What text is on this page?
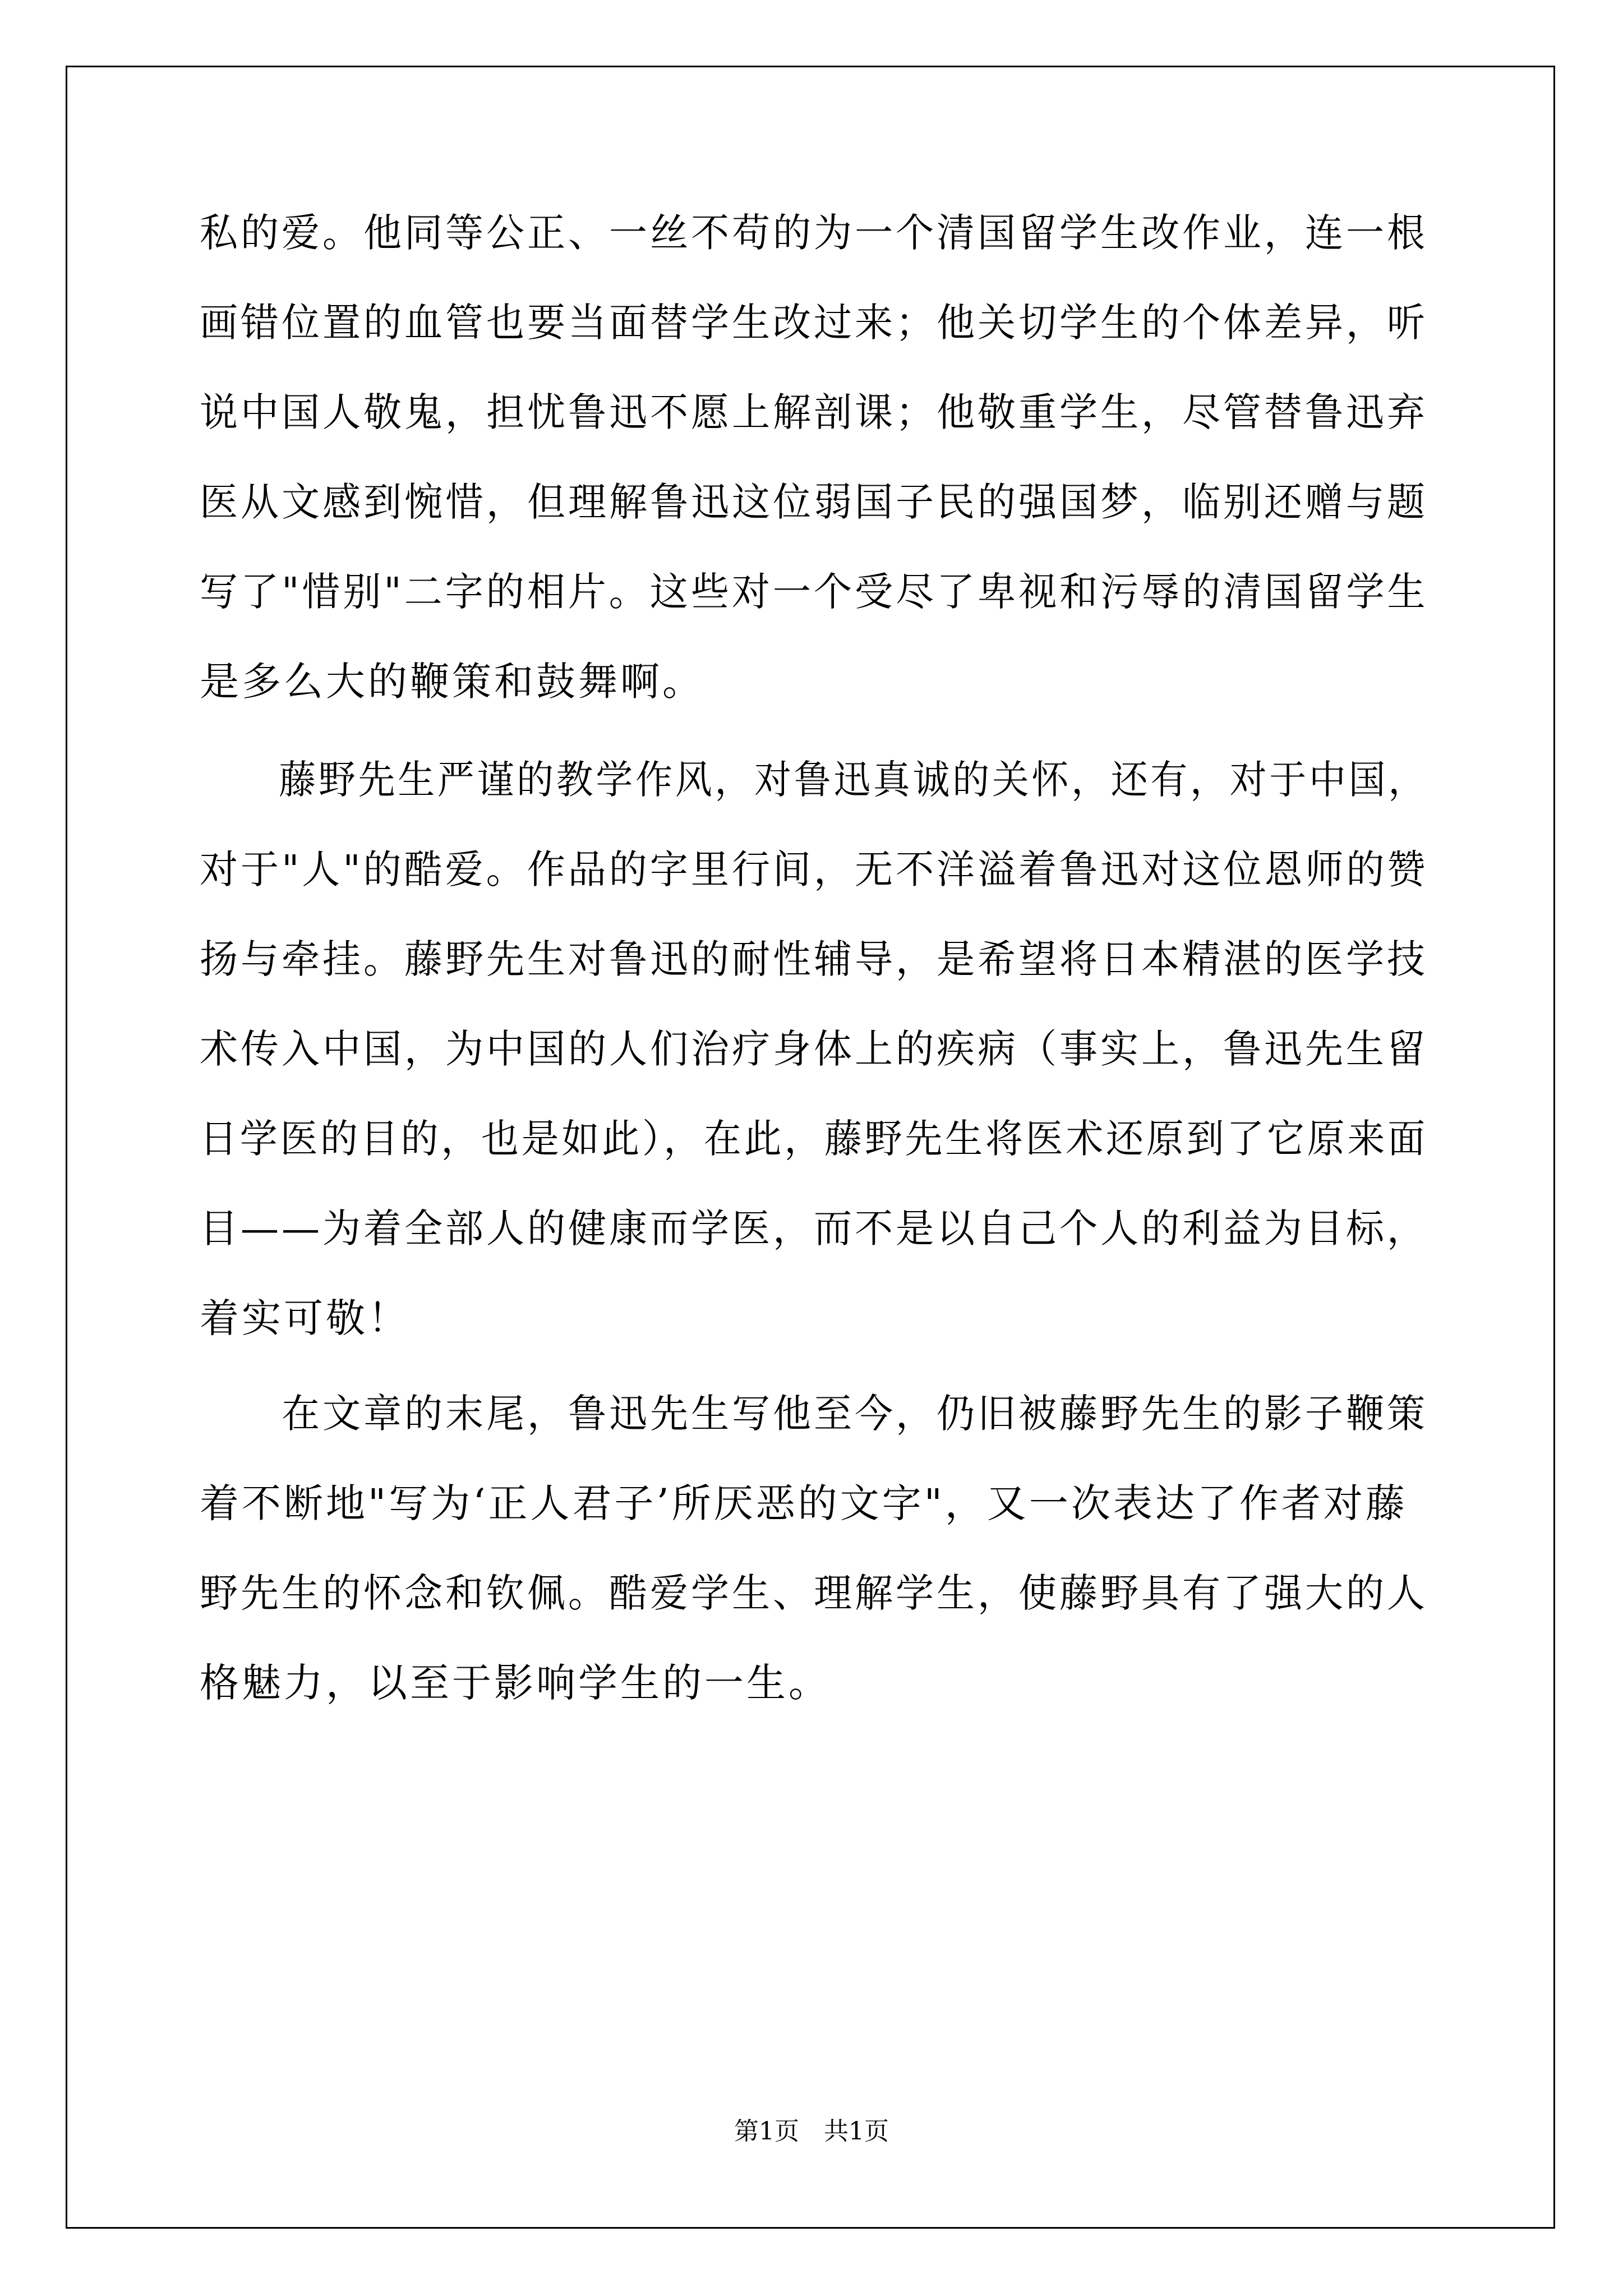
私的爱。他同等公正、一丝不苟的为一个清国留学生改作业，连一根
画错位置的血管也要当面替学生改过来；他关切学生的个体差异，听
说中国人敬鬼，担忧鲁迅不愿上解剖课；他敬重学生，尽管替鲁迅弃
医从文感到惋惜，但理解鲁迅这位弱国子民的强国梦，临别还赠与题
写了"惜别"二字的相片。这些对一个受尽了卑视和污辱的清国留学生
是多么大的鞭策和鼓舞啊。
　　藤野先生严谨的教学作风，对鲁迅真诚的关怀，还有，对于中国，
对于"人"的酷爱。作品的字里行间，无不洋溢着鲁迅对这位恩师的赞
扬与牵挂。藤野先生对鲁迅的耐性辅导，是希望将日本精湛的医学技
术传入中国，为中国的人们治疗身体上的疾病（事实上，鲁迅先生留
日学医的目的，也是如此），在此，藤野先生将医术还原到了它原来面
目——为着全部人的健康而学医，而不是以自己个人的利益为目标，
着实可敬！
　　在文章的末尾，鲁迅先生写他至今，仍旧被藤野先生的影子鞭策
着不断地"写为‘正人君子’所厌恶的文字"，又一次表达了作者对藤
野先生的怀念和钦佩。酷爱学生、理解学生，使藤野具有了强大的人
格魅力，以至于影响学生的一生。
第1页　共1页
